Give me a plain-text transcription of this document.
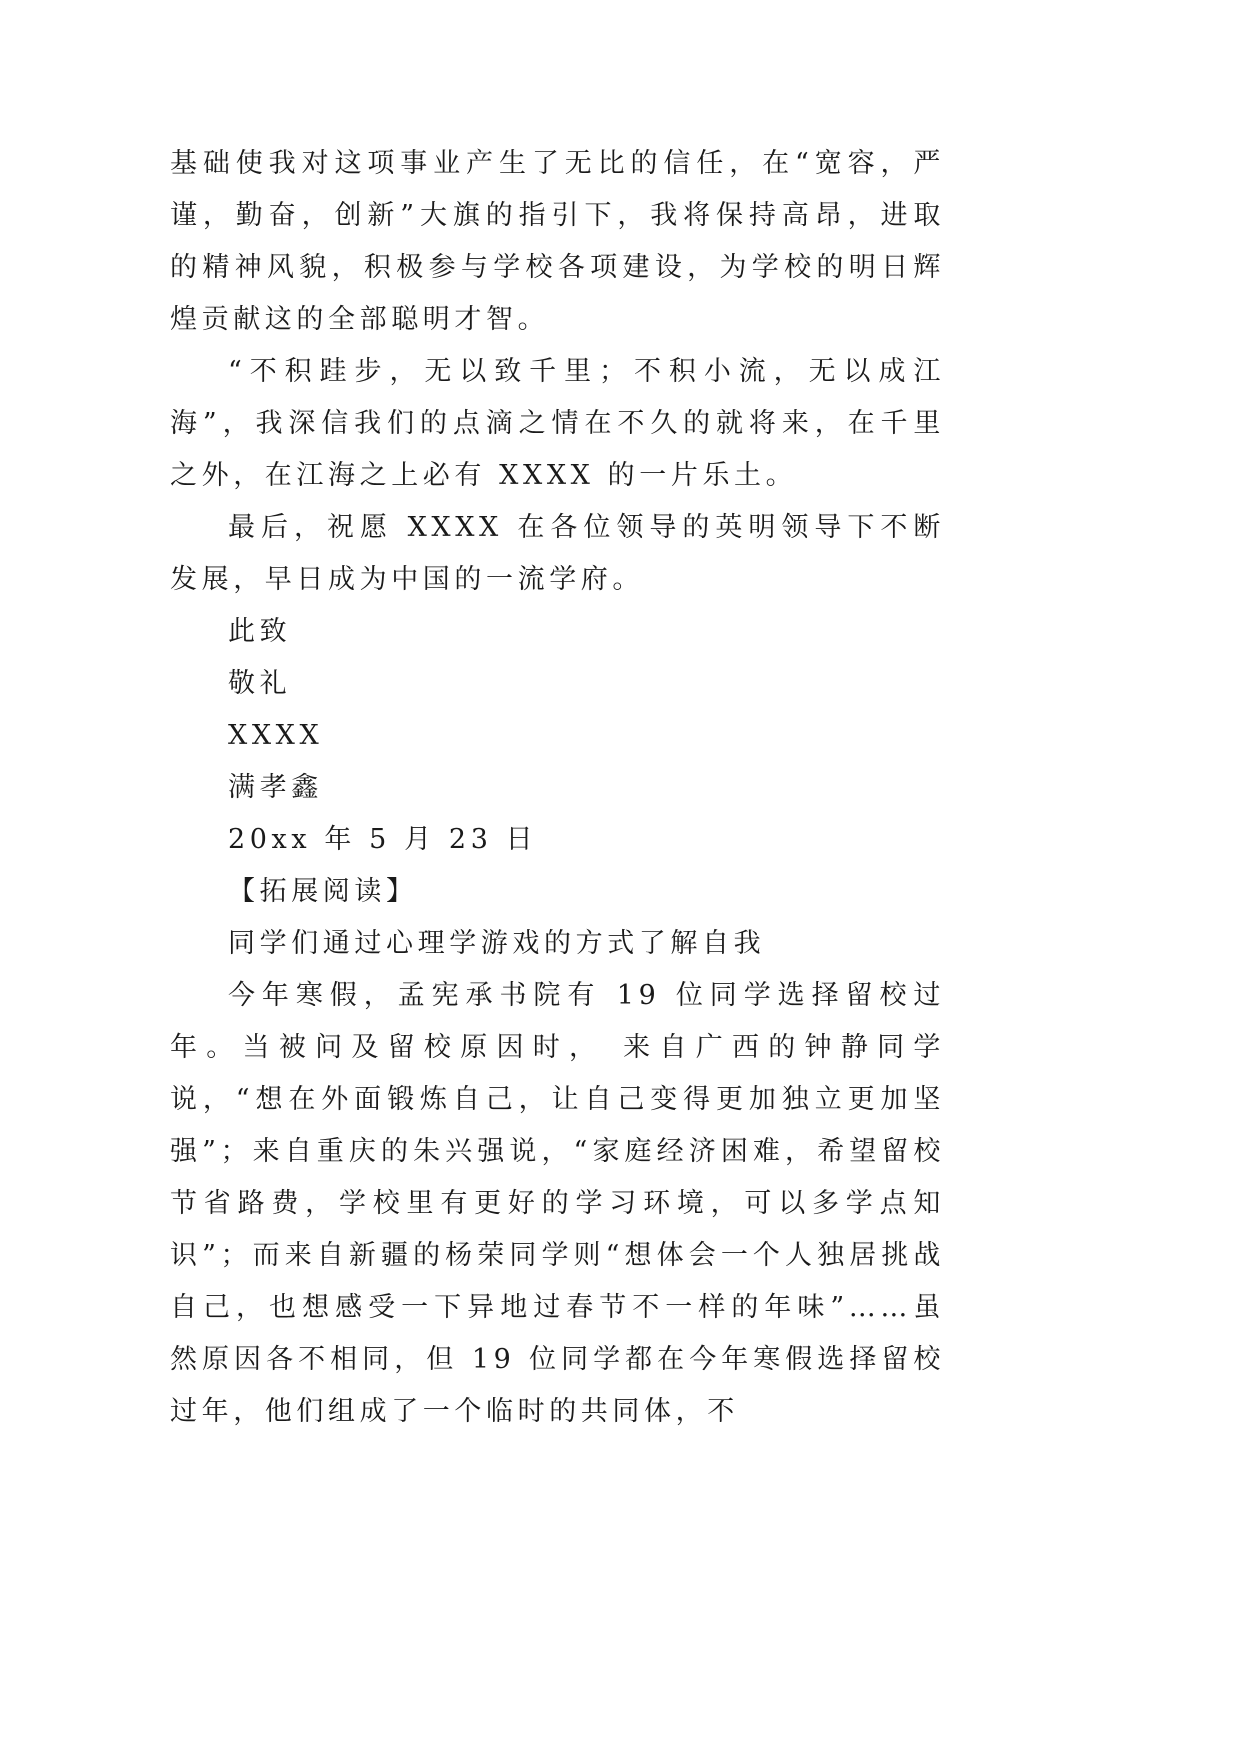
基础使我对这项事业产生了无比的信任，在“宽容，严谨，勤奋，创新”大旗的指引下，我将保持高昂，进取的精神风貌，积极参与学校各项建设，为学校的明日辉煌贡献这的全部聪明才智。

“不积跬步，无以致千里；不积小流，无以成江海”，我深信我们的点滴之情在不久的就将来，在千里之外，在江海之上必有 XXXX 的一片乐土。

最后，祝愿 XXXX 在各位领导的英明领导下不断发展，早日成为中国的一流学府。

此致

敬礼

XXXX

满孝鑫

20xx 年 5 月 23 日

【拓展阅读】

同学们通过心理学游戏的方式了解自我

今年寒假，孟宪承书院有 19 位同学选择留校过年。当被问及留校原因时， 来自广西的钟静同学说，“想在外面锻炼自己，让自己变得更加独立更加坚强”；来自重庆的朱兴强说，“家庭经济困难，希望留校节省路费，学校里有更好的学习环境，可以多学点知识”；而来自新疆的杨荣同学则“想体会一个人独居挑战自己，也想感受一下异地过春节不一样的年味”……虽然原因各不相同，但 19 位同学都在今年寒假选择留校过年，他们组成了一个临时的共同体，不
